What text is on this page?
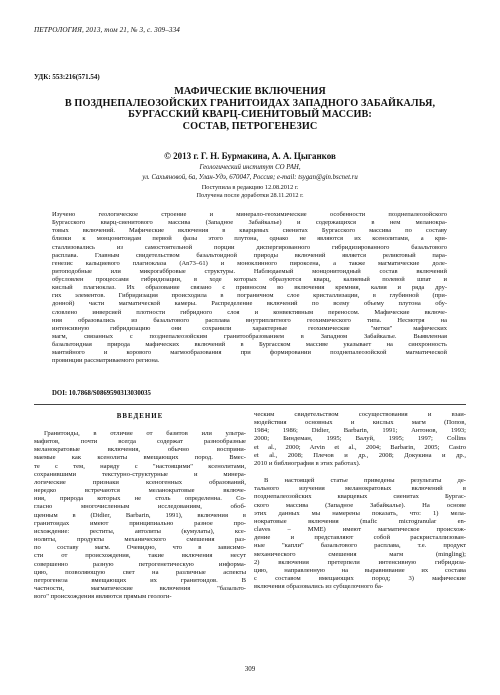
ПЕТРОЛОГИЯ, 2013, том 21, № 3, с. 309–334
УДК: 553:216(571.54)
МАФИЧЕСКИЕ ВКЛЮЧЕНИЯ
В ПОЗДНЕПАЛЕОЗОЙСКИХ ГРАНИТОИДАХ ЗАПАДНОГО ЗАБАЙКАЛЬЯ,
БУРГАССКИЙ КВАРЦ-СИЕНИТОВЫЙ МАССИВ:
СОСТАВ, ПЕТРОГЕНЕЗИС
© 2013 г. Г. Н. Бурмакина, А. А. Цыганков
Геологический институт СО РАН,
ул. Сахьяновой, 6а, Улан-Удэ, 670047, Россия; e-mail: tsygan@gin.bscnet.ru
Поступила в редакцию 12.08.2012 г.
Получена после доработки 28.11.2012 г.
Изучено геологическое строение и минерало-геохимические особенности позднепалеозойского
Бургасского кварц-сиенитового массива (Западное Забайкалье) и содержащихся в нем меланокра-
товых включений. Мафические включения в кварцевых сиенитах Бургасского массива по составу
близки к монцонитоидам первой фазы этого плутона, однако не являются их ксенолитами, а кри-
сталлизовались из самостоятельной порции диспергированного гибридизированного базальтового
расплава. Главным свидетельством базальтоидной природы включений является реликтовый пара-
генезис кальциевого плагиоклаза (An73–61) и моноклинного пироксена, а также магматические доле-
ритоподобные или микрогаббровые структуры. Наблюдаемый монцонитоидный состав включений
обусловлен процессами гибридизации, в ходе которых образуются кварц, калиевый полевой шпат и
кислый плагиоклаз. Их образование связано с привносом во включения кремния, калия и ряда дру-
гих элементов. Гибридизация происходила в пограничном слое кристаллизации, в глубинной (при-
донной) части магматической камеры. Распределение включений по всему объему плутона обу-
словлено инверсией плотности гибридного слоя и конвективным переносом. Мафические включе-
ния образовались из базальтового расплава внутриплитного геохимического типа. Несмотря на
интенсивную гибридизацию они сохранили характерные геохимические "метки" мафических
магм, связанных с позднепалеозойским гранитообразованием в Западном Забайкалье. Выявленная
базальтоидная природа мафических включений в Бургасском массиве указывает на синхронность
мантийного и корового магмообразования при формировании позднепалеозойской магматической
провинции рассматриваемого региона.
DOI: 10.7868/S0869590313030035
ВВЕДЕНИЕ
Гранитоиды, в отличие от базитов или ультра-
мафитов, почти всегда содержат разнообразные
меланократовые включения, обычно восприни-
маемые как ксенолиты вмещающих пород. Вмес-
те с тем, наряду с "настоящими" ксенолитами,
сохранившими текстурно-структурные и минера-
логические признаки ксеногенных образований,
нередко встречаются меланократовые включе-
ния, природа которых не столь определенна. Со-
гласно многочисленным исследованиям, обоб-
щенным в (Didier, Barbarin, 1991), включения в
гранитоидах имеют принципиально разное про-
исхождение: реститы, автолиты (кумулаты), ксе-
нолиты, продукты механического смешения раз-
по составу магм. Очевидно, что в зависимо-
сти от происхождения, такие включения несут
совершенно разную петрогенетическую информа-
цию, позволяющую свет на различные аспекты
петрогенеза вмещающих их гранитоидов. В
частности, магматические включения "базальто-
вого" происхождения являются прямым геологи-
ческим свидетельством сосуществования и взаи-
модействия основных и кислых магм (Попов,
1984; 1986; Didier, Barbarin, 1991; Антонов, 1993;
2000; Биндеман, 1995; Валуй, 1995; 1997; Collins
et al., 2000; Arvin et al., 2004; Barbarin, 2005; Castro
et al., 2008; Плечов и др., 2008; Докукина и др.,
2010 и библиография в этих работах).
В настоящей статье приведены результаты де-
тального изучения меланократовых включений в
позднепалеозойских кварцевых сиенитах Бургас-
ского массива (Западное Забайкалье). На основе
этих данных мы намерены показать, что: 1) мела-
нократовые включения (mafic microgranular en-
claves – MME) имеют магматическое происхож-
дение и представляют собой раскристаллизован-
ные "капли" базальтового расплава, т.е. продукт
механического смешения магм (mingling);
2) включения претерпели интенсивную гибридиза-
цию, направленную на выравнивание их состава
с составом вмещающих пород; 3) мафические
включения образовались из субщелочного ба-
309
